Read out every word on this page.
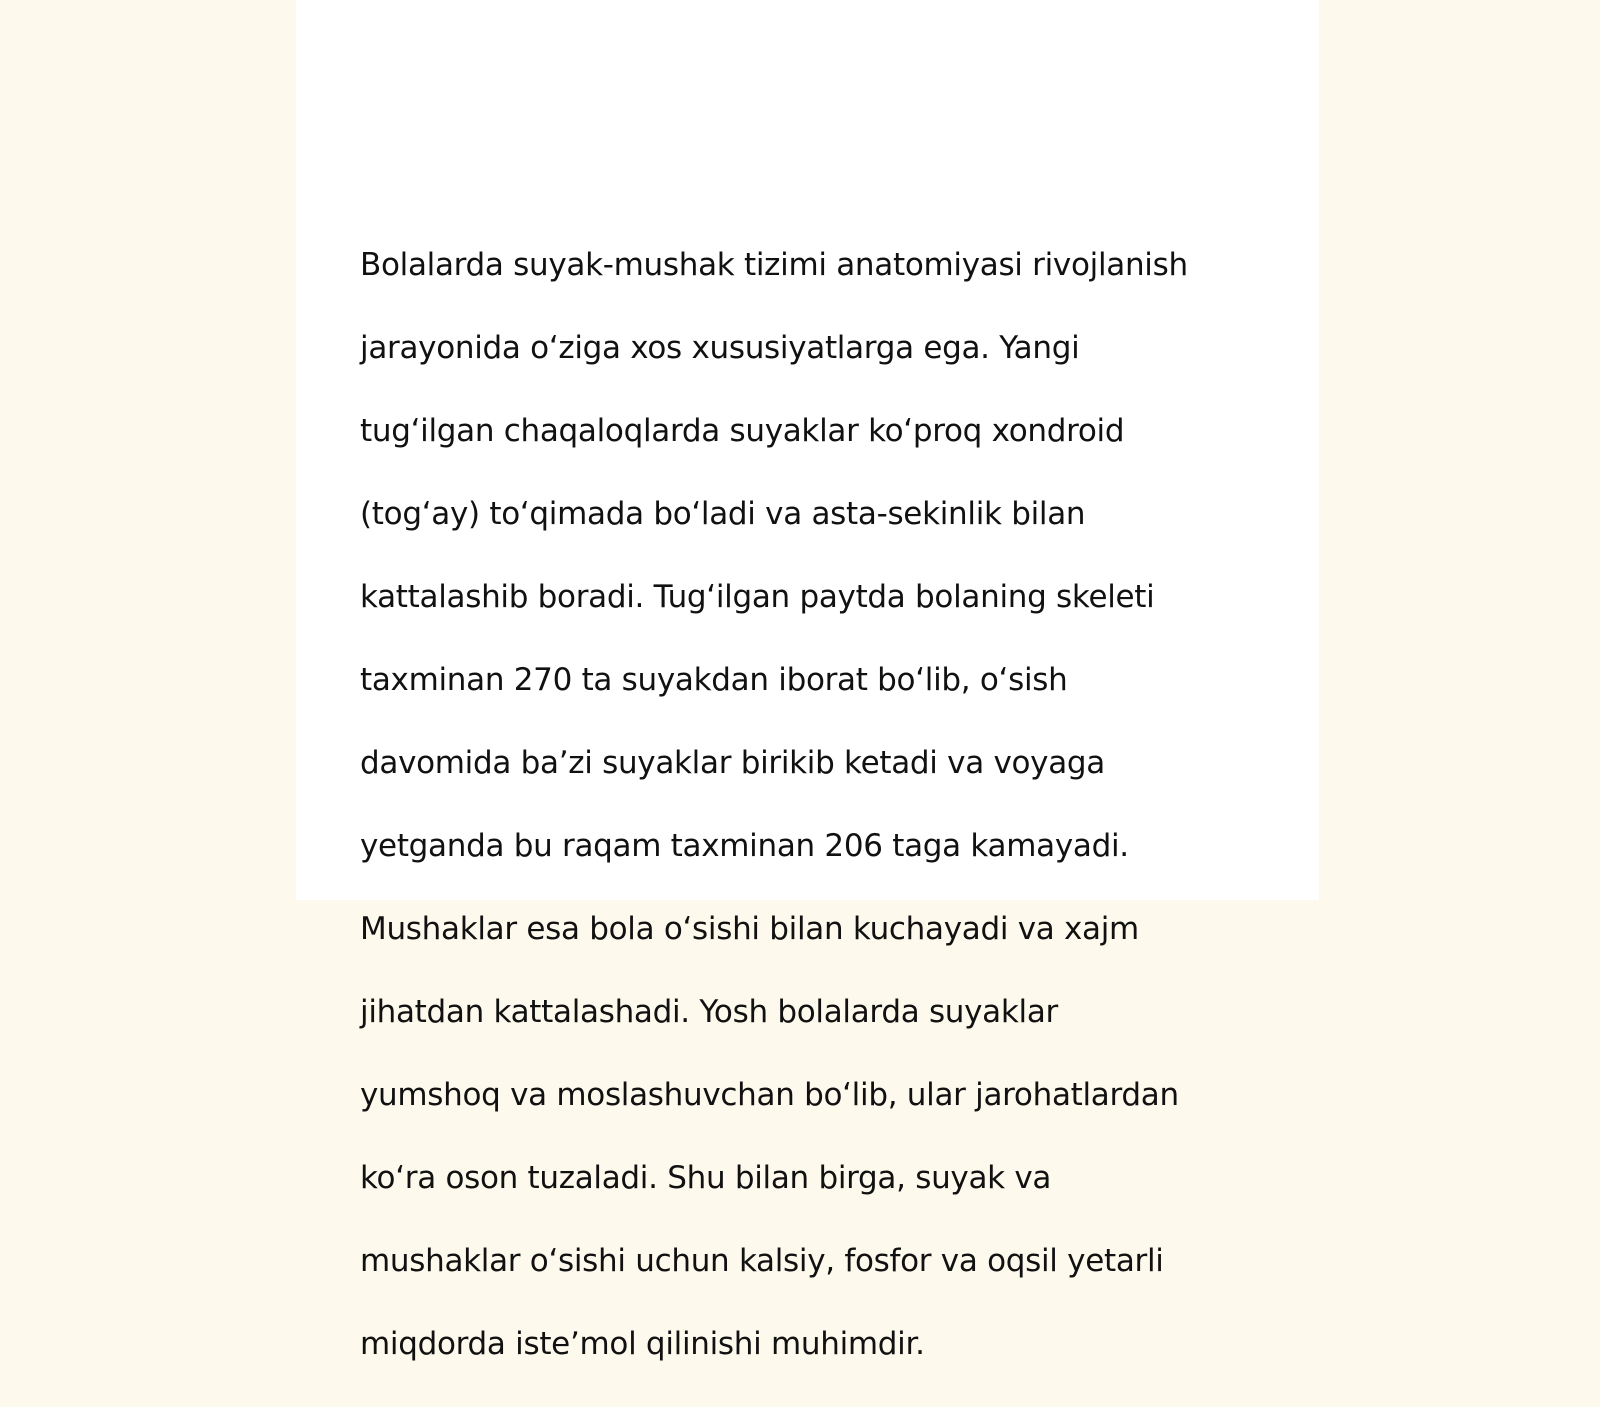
Bolalarda suyak-mushak tizimi anatomiyasi rivojlanish

jarayonida o‘ziga xos xususiyatlarga ega. Yangi

tug‘ilgan chaqaloqlarda suyaklar ko‘proq xondroid

(tog‘ay) to‘qimada bo‘ladi va asta-sekinlik bilan

kattalashib boradi. Tug‘ilgan paytda bolaning skeleti

taxminan 270 ta suyakdan iborat bo‘lib, o‘sish

davomida ba’zi suyaklar birikib ketadi va voyaga

yetganda bu raqam taxminan 206 taga kamayadi.

Mushaklar esa bola o‘sishi bilan kuchayadi va xajm

jihatdan kattalashadi. Yosh bolalarda suyaklar

yumshoq va moslashuvchan bo‘lib, ular jarohatlardan

ko‘ra oson tuzaladi. Shu bilan birga, suyak va

mushaklar o‘sishi uchun kalsiy, fosfor va oqsil yetarli

miqdorda iste’mol qilinishi muhimdir.
